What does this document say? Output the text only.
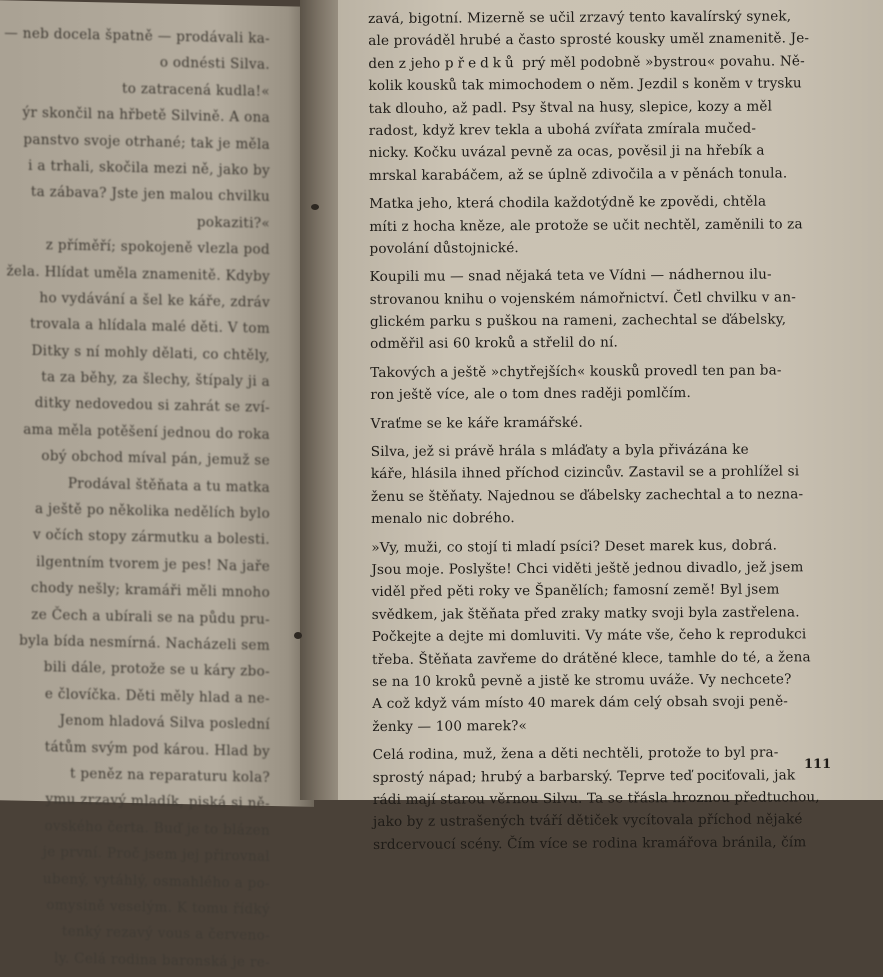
— neb docela špatně — prodávali ka-
o odnésti Silva.
to zatracená kudla!«
ýr skončil na hřbetě Silvině. A ona
panstvo svoje otrhané; tak je měla
i a trhali, skočila mezi ně, jako by
ta zábava? Jste jen malou chvilku
pokaziti?«
z příměří; spokojeně vlezla pod
žela. Hlídat uměla znamenitě. Kdyby
ho vydávání a šel ke káře, zdráv
trovala a hlídala malé děti. V tom
Ditky s ní mohly dělati, co chtěly,
ta za běhy, za šlechy, štípaly ji a
ditky nedovedou si zahrát se zví-
ama měla potěšení jednou do roka
obý obchod míval pán, jemuž se
Prodával štěňata a tu matka
a ještě po několika nedělích bylo
v očích stopy zármutku a bolesti.
ilgentním tvorem je pes! Na jaře
chody nešly; kramáři měli mnoho
ze Čech a ubírali se na půdu pru-
byla bída nesmírná. Nacházeli sem
bili dále, protože se u káry zbo-
e človíčka. Děti měly hlad a ne-
Jenom hladová Silva poslední
tátům svým pod károu. Hlad by
t peněz na reparaturu kola?
ymu zrzavý mladík, piská si ně-
ovského čerta. Buď je to blázen
je první. Proč jsem jej přirovnal
ubený, vytáhlý, osmahlého a po-
omysině veselým. K tomu řídký
tenký rezavý vous a červeno-
ly. Celá rodina baronská je re-
zavá, bigotní. Mizerně se učil zrzavý tento kavalírský synek,
ale prováděl hrubé a často sprosté kousky uměl znamenitě. Je-
den z jeho předků prý měl podobně »bystrou« povahu. Ně-
kolik kousků tak mimochodem o něm. Jezdil s koněm v trysku
tak dlouho, až padl. Psy štval na husy, slepice, kozy a měl
radost, když krev tekla a ubohá zvířata zmírala mučed-
nicky. Kočku uvázal pevně za ocas, pověsil ji na hřebík a
mrskal karabáčem, až se úplně zdivočila a v pěnách tonula.
Matka jeho, která chodila každotýdně ke zpovědi, chtěla
míti z hocha kněze, ale protože se učit nechtěl, zaměnili to za
povolání důstojnické.
Koupili mu — snad nějaká teta ve Vídni — nádhernou ilu-
strovanou knihu o vojenském námořnictví. Četl chvilku v an-
glickém parku s puškou na rameni, zachechtal se ďábelsky,
odměřil asi 60 kroků a střelil do ní.
Takových a ještě »chytřejších« kousků provedl ten pan ba-
ron ještě více, ale o tom dnes raději pomlčím.
Vraťme se ke káře kramářské.
Silva, jež si právě hrála s mláďaty a byla přivázána ke
káře, hlásila ihned příchod cizincův. Zastavil se a prohlížel si
ženu se štěňaty. Najednou se ďábelsky zachechtal a to nezna-
menalo nic dobrého.
»Vy, muži, co stojí ti mladí psíci? Deset marek kus, dobrá.
Jsou moje. Poslyšte! Chci viděti ještě jednou divadlo, jež jsem
viděl před pěti roky ve Španělích; famosní země! Byl jsem
svědkem, jak štěňata před zraky matky svoji byla zastřelena.
Počkejte a dejte mi domluviti. Vy máte vše, čeho k reprodukci
třeba. Štěňata zavřeme do drátěné klece, tamhle do té, a žena
se na 10 kroků pevně a jistě ke stromu uváže. Vy nechcete?
A což když vám místo 40 marek dám celý obsah svoji peně-
ženky — 100 marek?«
Celá rodina, muž, žena a děti nechtěli, protože to byl pra-
sprostý nápad; hrubý a barbarský. Teprve teď pociťovali, jak
rádi mají starou věrnou Silvu. Ta se třásla hroznou předtuchou,
jako by z ustrašených tváří dětiček vycítovala příchod nějaké
srdcervoucí scény. Čím více se rodina kramářova bránila, čím
111
